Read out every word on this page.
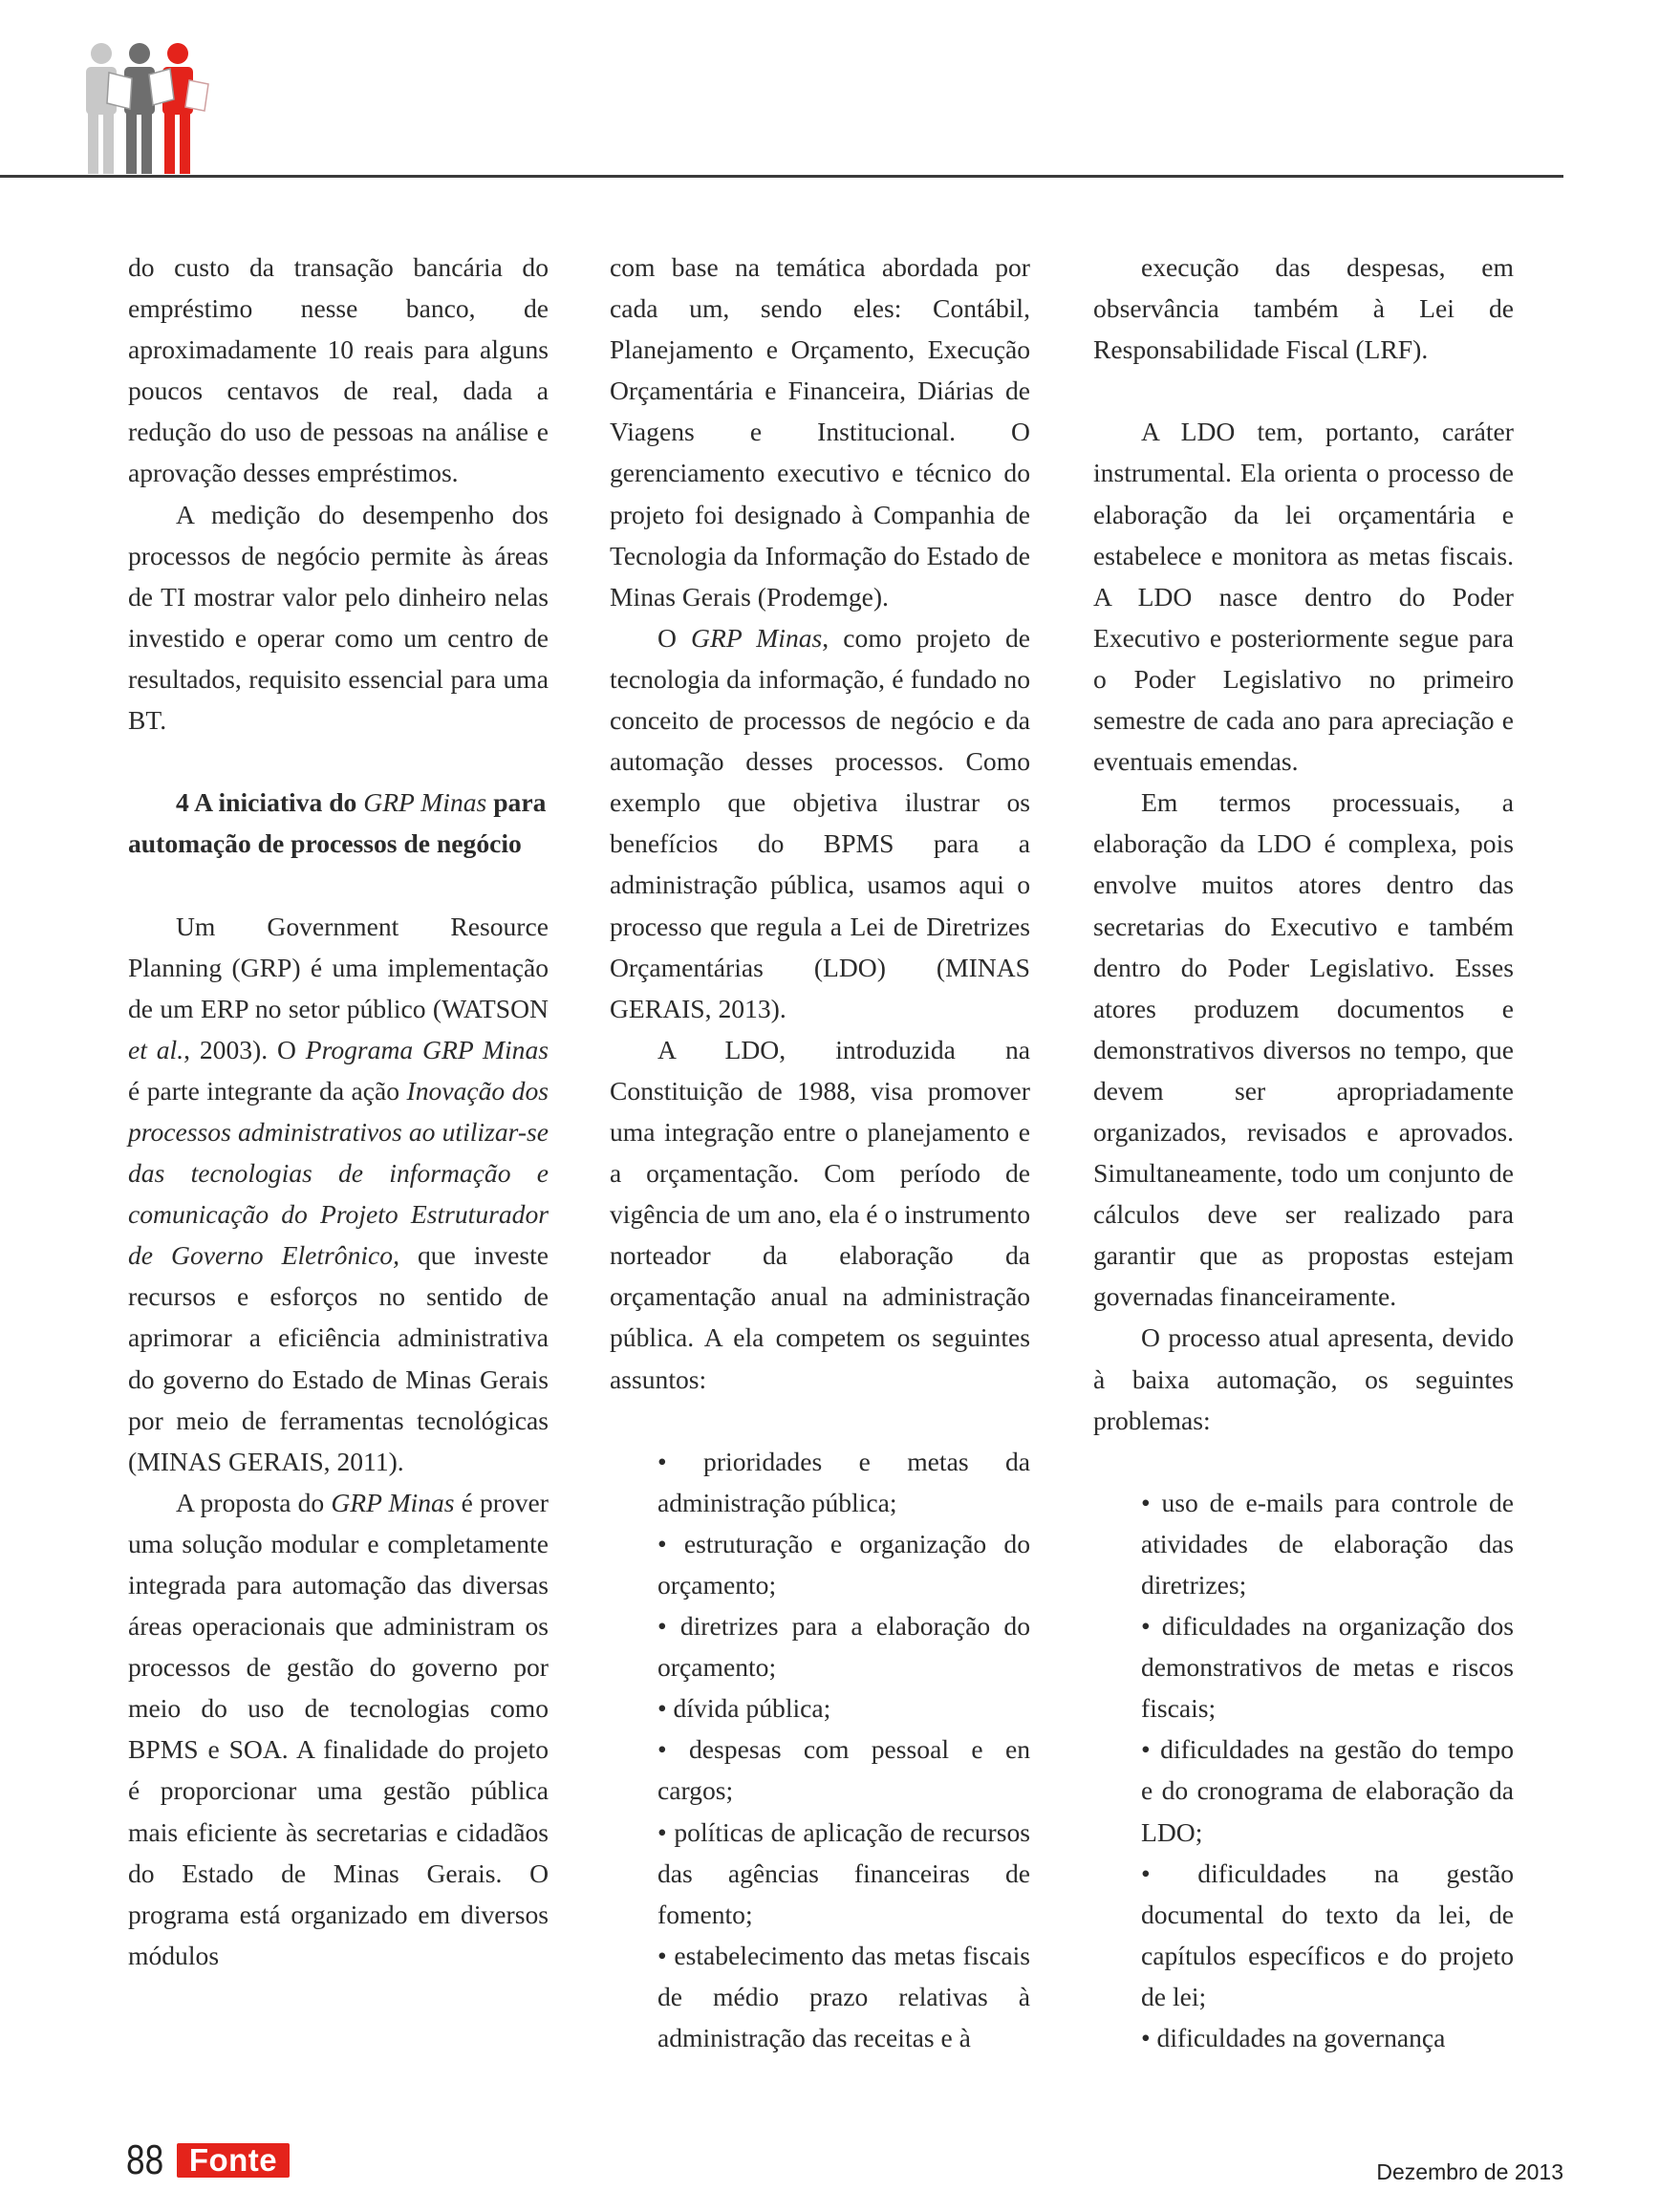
do custo da transação bancária do empréstimo nesse banco, de aproximadamente 10 reais para alguns poucos centavos de real, dada a redução do uso de pessoas na análise e aprovação desses empréstimos.

A medição do desempenho dos processos de negócio permite às áreas de TI mostrar valor pelo dinheiro nelas investido e operar como um centro de resultados, requisito essencial para uma BT.

4 A iniciativa do GRP Minas para automação de processos de negócio

Um Government Resource Planning (GRP) é uma implementação de um ERP no setor público (WATSON et al., 2003). O Programa GRP Minas é parte integrante da ação Inovação dos processos administrativos ao utilizar-se das tecnologias de informação e comunicação do Projeto Estruturador de Governo Eletrônico, que investe recursos e esforços no sentido de aprimorar a eficiência administrativa do governo do Estado de Minas Gerais por meio de ferramentas tecnológicas (MINAS GERAIS, 2011).

A proposta do GRP Minas é prover uma solução modular e completamente integrada para automação das diversas áreas operacionais que administram os processos de gestão do governo por meio do uso de tecnologias como BPMS e SOA. A finalidade do projeto é proporcionar uma gestão pública mais eficiente às secretarias e cidadãos do Estado de Minas Gerais. O programa está organizado em diversos módulos

com base na temática abordada por cada um, sendo eles: Contábil, Planejamento e Orçamento, Execução Orçamentária e Financeira, Diárias de Viagens e Institucional. O gerenciamento executivo e técnico do projeto foi designado à Companhia de Tecnologia da Informação do Estado de Minas Gerais (Prodemge).

O GRP Minas, como projeto de tecnologia da informação, é fundado no conceito de processos de negócio e da automação desses processos. Como exemplo que objetiva ilustrar os benefícios do BPMS para a administração pública, usamos aqui o processo que regula a Lei de Diretrizes Orçamentárias (LDO) (MINAS GERAIS, 2013).

A LDO, introduzida na Constituição de 1988, visa promover uma integração entre o planejamento e a orçamentação. Com período de vigência de um ano, ela é o instrumento norteador da elaboração da orçamentação anual na administração pública. A ela competem os seguintes assuntos:

• prioridades e metas da administração pública;
• estruturação e organização do orçamento;
• diretrizes para a elaboração do orçamento;
• dívida pública;
• despesas com pessoal e en cargos;
• políticas de aplicação de recursos das agências financeiras de fomento;
• estabelecimento das metas fiscais de médio prazo relativas à administração das receitas e à

execução das despesas, em observância também à Lei de Responsabilidade Fiscal (LRF).

A LDO tem, portanto, caráter instrumental. Ela orienta o processo de elaboração da lei orçamentária e estabelece e monitora as metas fiscais. A LDO nasce dentro do Poder Executivo e posteriormente segue para o Poder Legislativo no primeiro semestre de cada ano para apreciação e eventuais emendas.

Em termos processuais, a elaboração da LDO é complexa, pois envolve muitos atores dentro das secretarias do Executivo e também dentro do Poder Legislativo. Esses atores produzem documentos e demonstrativos diversos no tempo, que devem ser apropriadamente organizados, revisados e aprovados. Simultaneamente, todo um conjunto de cálculos deve ser realizado para garantir que as propostas estejam governadas financeiramente.

O processo atual apresenta, devido à baixa automação, os seguintes problemas:

• uso de e-mails para controle de atividades de elaboração das diretrizes;
• dificuldades na organização dos demonstrativos de metas e riscos fiscais;
• dificuldades na gestão do tempo e do cronograma de elaboração da LDO;
• dificuldades na gestão documental do texto da lei, de capítulos específicos e do projeto de lei;
• dificuldades na governança
88 Fonte	Dezembro de 2013
